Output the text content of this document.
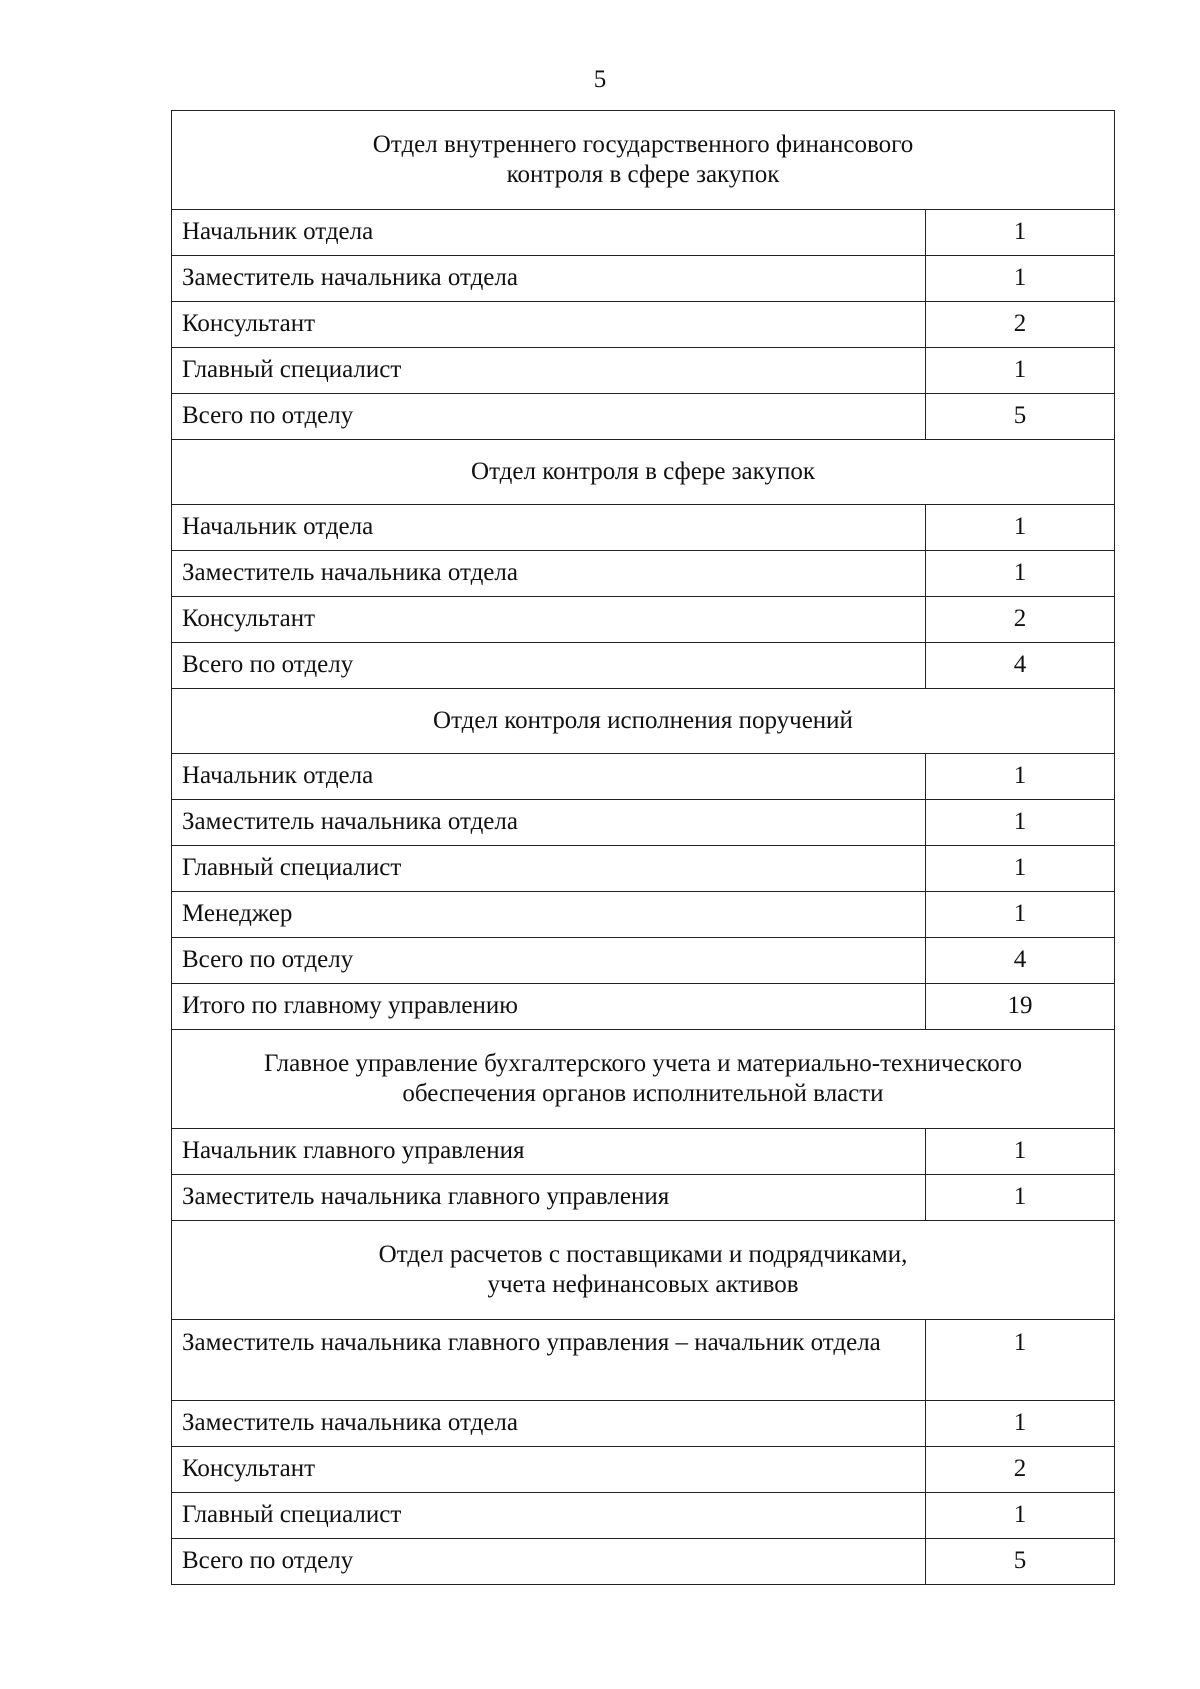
5
Отдел внутреннего государственного финансового
контроля в сфере закупок	

Начальник отдела	1
Заместитель начальника отдела	1
Консультант	2
Главный специалист	1
Всего по отделу	5

Отдел контроля в сфере закупок	

Начальник отдела	1
Заместитель начальника отдела	1
Консультант	2
Всего по отделу	4

Отдел контроля исполнения поручений	

Начальник отдела	1
Заместитель начальника отдела	1
Главный специалист	1
Менеджер	1
Всего по отделу	4
Итого по главному управлению	19

Главное управление бухгалтерского учета и материально-технического
обеспечения органов исполнительной власти	

Начальник главного управления	1
Заместитель начальника главного управления	1

Отдел расчетов с поставщиками и подрядчиками,
учета нефинансовых активов	

Заместитель начальника главного управления – начальник отдела	1
Заместитель начальника отдела	1
Консультант	2
Главный специалист	1
Всего по отделу	5
